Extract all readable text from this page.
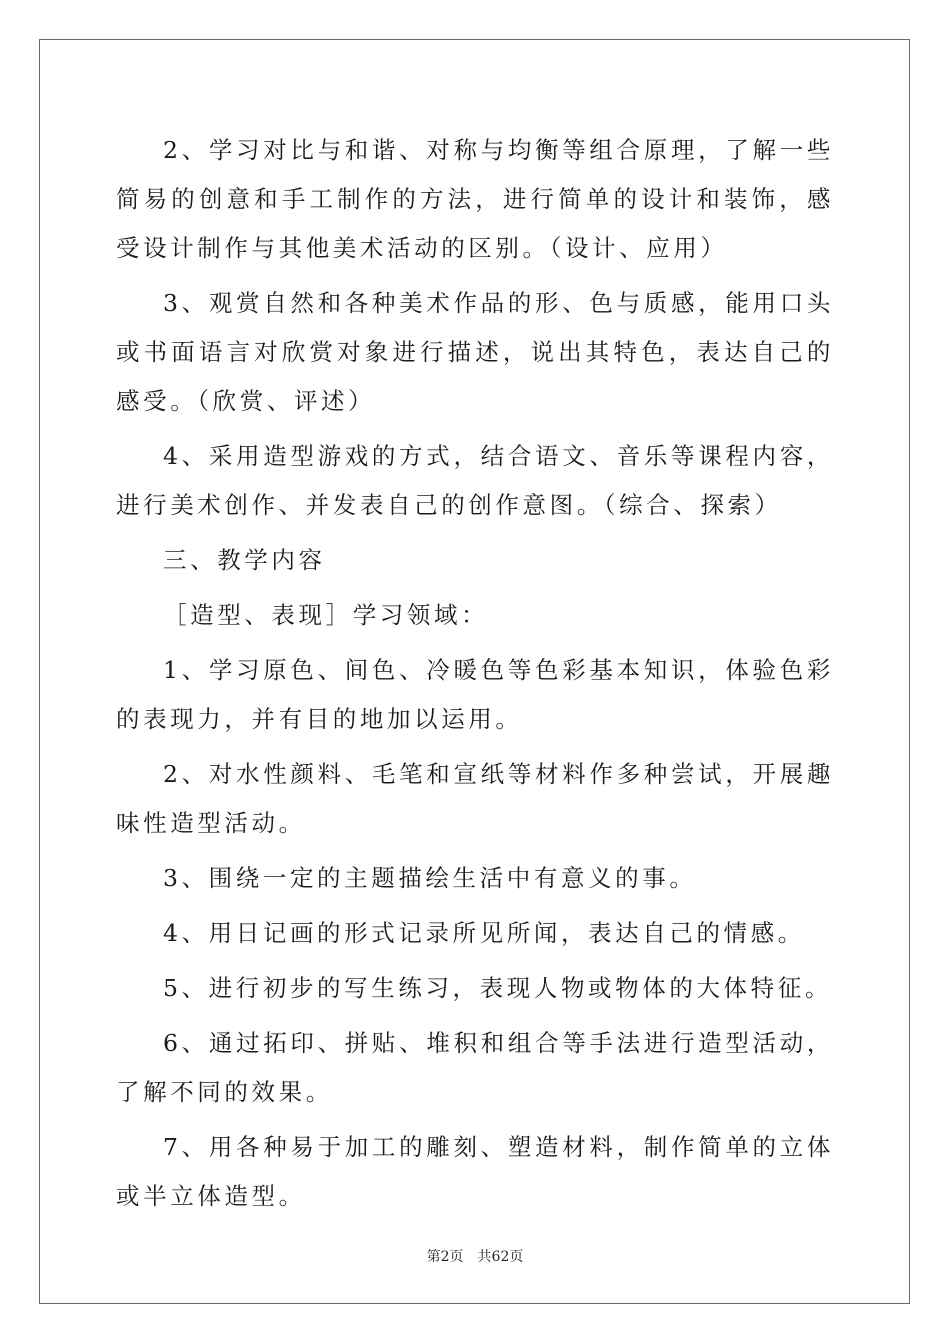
2、学习对比与和谐、对称与均衡等组合原理，了解一些简易的创意和手工制作的方法，进行简单的设计和装饰，感受设计制作与其他美术活动的区别。（设计、应用）

3、观赏自然和各种美术作品的形、色与质感，能用口头或书面语言对欣赏对象进行描述，说出其特色，表达自己的感受。（欣赏、评述）

4、采用造型游戏的方式，结合语文、音乐等课程内容，进行美术创作、并发表自己的创作意图。（综合、探索）

三、教学内容

［造型、表现］学习领域：

1、学习原色、间色、冷暖色等色彩基本知识，体验色彩的表现力，并有目的地加以运用。

2、对水性颜料、毛笔和宣纸等材料作多种尝试，开展趣味性造型活动。

3、围绕一定的主题描绘生活中有意义的事。

4、用日记画的形式记录所见所闻，表达自己的情感。

5、进行初步的写生练习，表现人物或物体的大体特征。

6、通过拓印、拼贴、堆积和组合等手法进行造型活动，了解不同的效果。

7、用各种易于加工的雕刻、塑造材料，制作简单的立体或半立体造型。

第2页 共62页
